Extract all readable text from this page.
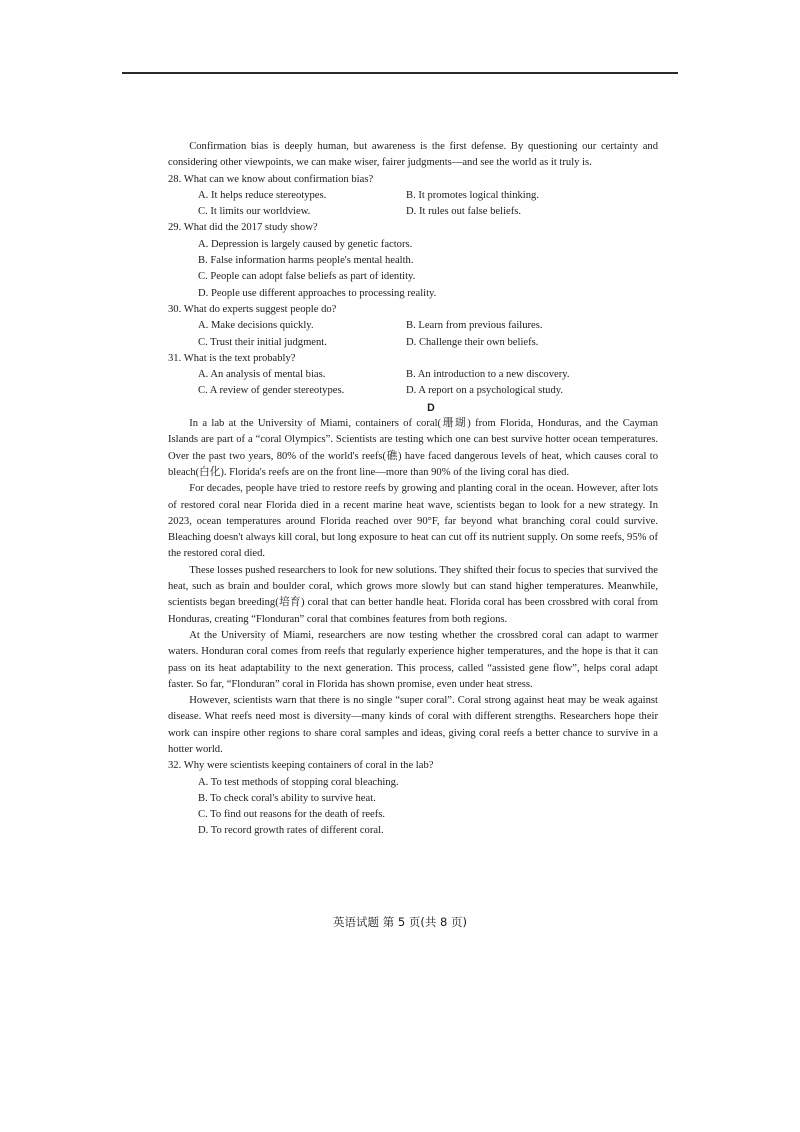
Confirmation bias is deeply human, but awareness is the first defense. By questioning our certainty and considering other viewpoints, we can make wiser, fairer judgments—and see the world as it truly is.

28. What can we know about confirmation bias?
A. It helps reduce stereotypes.	B. It promotes logical thinking.
C. It limits our worldview.	D. It rules out false beliefs.
29. What did the 2017 study show?
A. Depression is largely caused by genetic factors.
B. False information harms people's mental health.
C. People can adopt false beliefs as part of identity.
D. People use different approaches to processing reality.
30. What do experts suggest people do?
A. Make decisions quickly.	B. Learn from previous failures.
C. Trust their initial judgment.	D. Challenge their own beliefs.
31. What is the text probably?
A. An analysis of mental bias.	B. An introduction to a new discovery.
C. A review of gender stereotypes.	D. A report on a psychological study.
D

In a lab at the University of Miami, containers of coral(珊瑚) from Florida, Honduras, and the Cayman Islands are part of a “coral Olympics”. Scientists are testing which one can best survive hotter ocean temperatures. Over the past two years, 80% of the world's reefs(礁) have faced dangerous levels of heat, which causes coral to bleach(白化). Florida's reefs are on the front line—more than 90% of the living coral has died.

For decades, people have tried to restore reefs by growing and planting coral in the ocean. However, after lots of restored coral near Florida died in a recent marine heat wave, scientists began to look for a new strategy. In 2023, ocean temperatures around Florida reached over 90°F, far beyond what branching coral could survive. Bleaching doesn't always kill coral, but long exposure to heat can cut off its nutrient supply. On some reefs, 95% of the restored coral died.

These losses pushed researchers to look for new solutions. They shifted their focus to species that survived the heat, such as brain and boulder coral, which grows more slowly but can stand higher temperatures. Meanwhile, scientists began breeding(培育) coral that can better handle heat. Florida coral has been crossbred with coral from Honduras, creating “Flonduran” coral that combines features from both regions.

At the University of Miami, researchers are now testing whether the crossbred coral can adapt to warmer waters. Honduran coral comes from reefs that regularly experience higher temperatures, and the hope is that it can pass on its heat adaptability to the next generation. This process, called “assisted gene flow”, helps coral adapt faster. So far, “Flonduran” coral in Florida has shown promise, even under heat stress.

However, scientists warn that there is no single “super coral”. Coral strong against heat may be weak against disease. What reefs need most is diversity—many kinds of coral with different strengths. Researchers hope their work can inspire other regions to share coral samples and ideas, giving coral reefs a better chance to survive in a hotter world.

32. Why were scientists keeping containers of coral in the lab?
A. To test methods of stopping coral bleaching.
B. To check coral's ability to survive heat.
C. To find out reasons for the death of reefs.
D. To record growth rates of different coral.
英语试题 第 5 页(共 8 页)
